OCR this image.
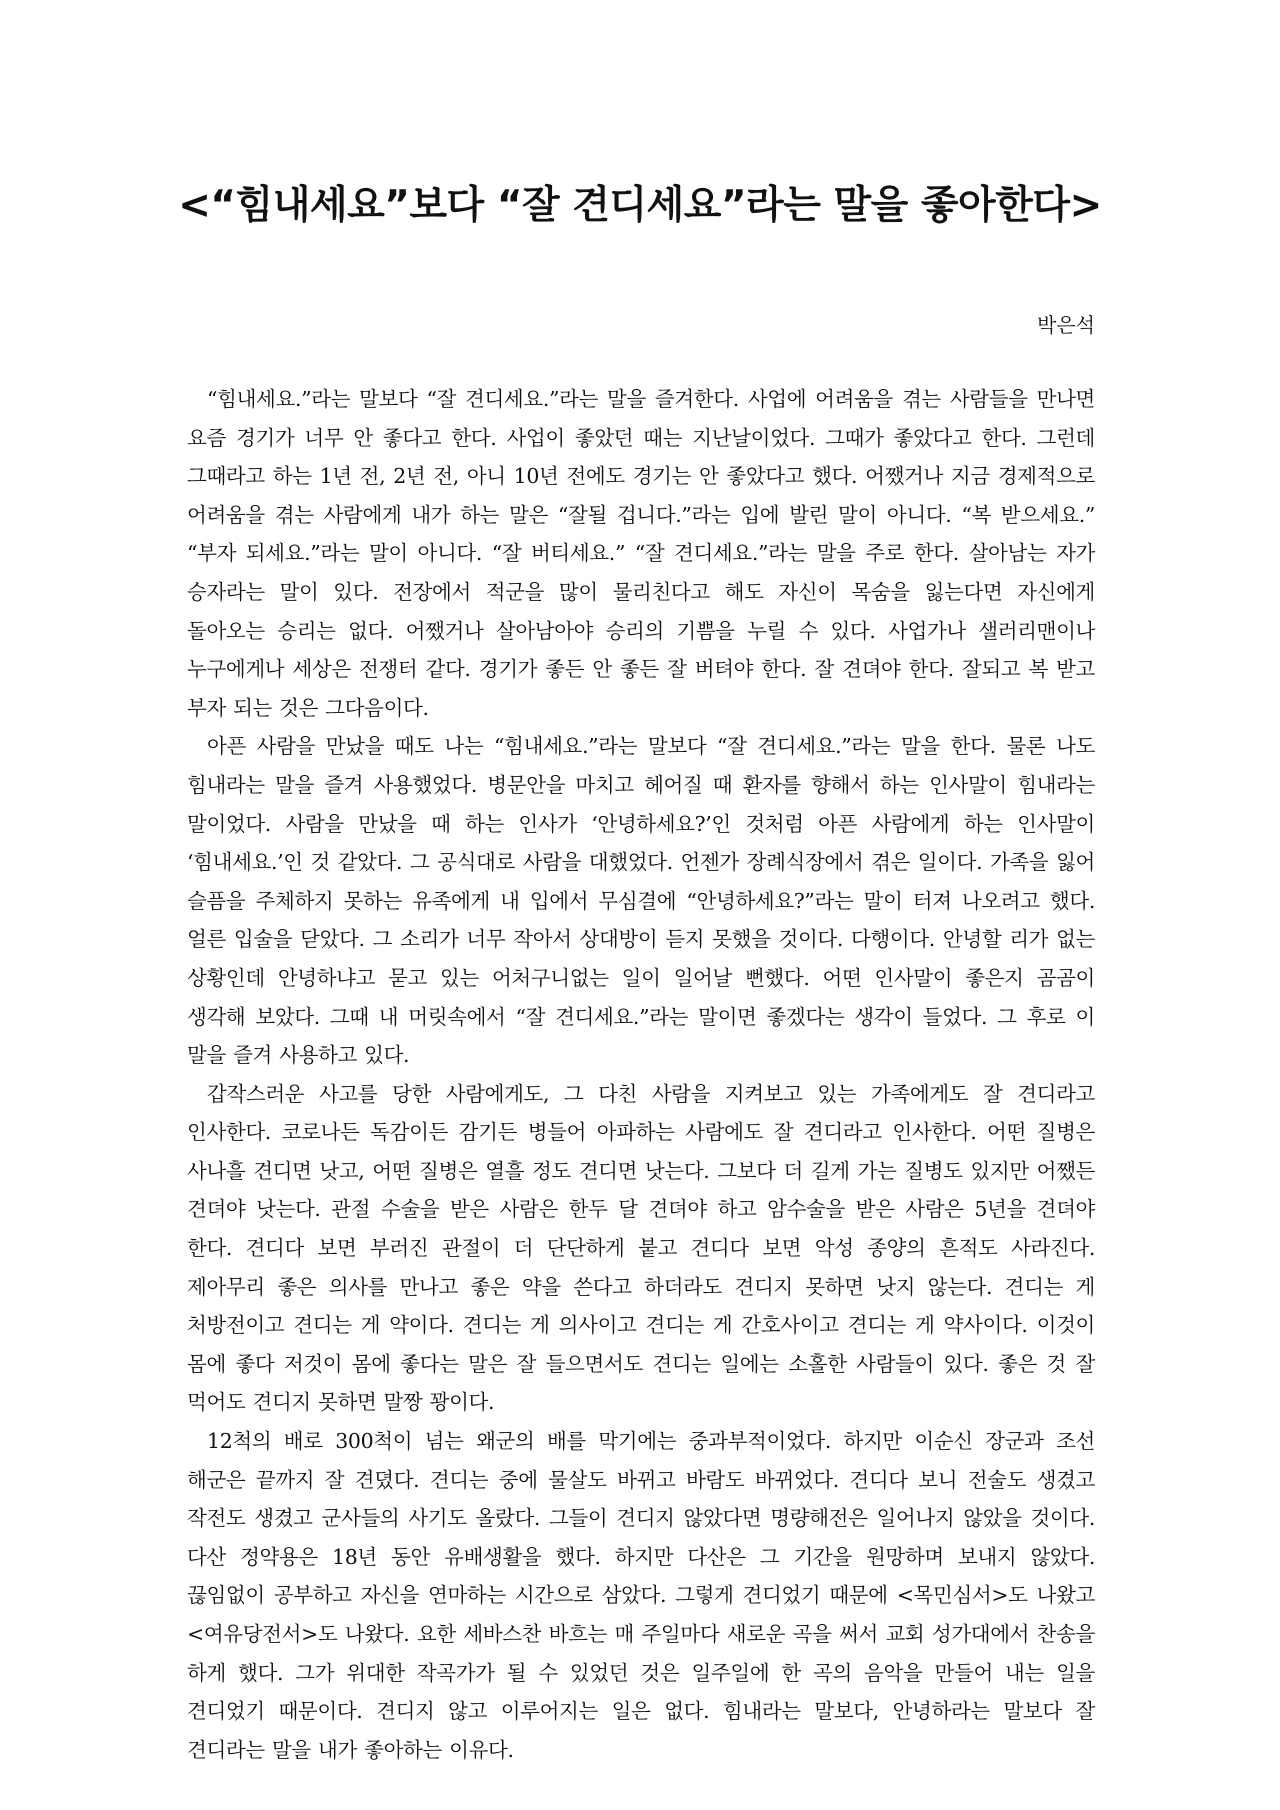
<“힘내세요”보다 “잘 견디세요”라는 말을 좋아한다>

박은석

“힘내세요.”라는 말보다 “잘 견디세요.”라는 말을 즐겨한다. 사업에 어려움을 겪는 사람들을 만나면 요즘 경기가 너무 안 좋다고 한다. 사업이 좋았던 때는 지난날이었다. 그때가 좋았다고 한다. 그런데 그때라고 하는 1년 전, 2년 전, 아니 10년 전에도 경기는 안 좋았다고 했다. 어쨌거나 지금 경제적으로 어려움을 겪는 사람에게 내가 하는 말은 “잘될 겁니다.”라는 입에 발린 말이 아니다. “복 받으세요.” “부자 되세요.”라는 말이 아니다. “잘 버티세요.” “잘 견디세요.”라는 말을 주로 한다. 살아남는 자가 승자라는 말이 있다. 전장에서 적군을 많이 물리친다고 해도 자신이 목숨을 잃는다면 자신에게 돌아오는 승리는 없다. 어쨌거나 살아남아야 승리의 기쁨을 누릴 수 있다. 사업가나 샐러리맨이나 누구에게나 세상은 전쟁터 같다. 경기가 좋든 안 좋든 잘 버텨야 한다. 잘 견뎌야 한다. 잘되고 복 받고 부자 되는 것은 그다음이다.

아픈 사람을 만났을 때도 나는 “힘내세요.”라는 말보다 “잘 견디세요.”라는 말을 한다. 물론 나도 힘내라는 말을 즐겨 사용했었다. 병문안을 마치고 헤어질 때 환자를 향해서 하는 인사말이 힘내라는 말이었다. 사람을 만났을 때 하는 인사가 ‘안녕하세요?’인 것처럼 아픈 사람에게 하는 인사말이 ‘힘내세요.’인 것 같았다. 그 공식대로 사람을 대했었다. 언젠가 장례식장에서 겪은 일이다. 가족을 잃어 슬픔을 주체하지 못하는 유족에게 내 입에서 무심결에 “안녕하세요?”라는 말이 터져 나오려고 했다. 얼른 입술을 닫았다. 그 소리가 너무 작아서 상대방이 듣지 못했을 것이다. 다행이다. 안녕할 리가 없는 상황인데 안녕하냐고 묻고 있는 어처구니없는 일이 일어날 뻔했다. 어떤 인사말이 좋은지 곰곰이 생각해 보았다. 그때 내 머릿속에서 “잘 견디세요.”라는 말이면 좋겠다는 생각이 들었다. 그 후로 이 말을 즐겨 사용하고 있다.

갑작스러운 사고를 당한 사람에게도, 그 다친 사람을 지켜보고 있는 가족에게도 잘 견디라고 인사한다. 코로나든 독감이든 감기든 병들어 아파하는 사람에도 잘 견디라고 인사한다. 어떤 질병은 사나흘 견디면 낫고, 어떤 질병은 열흘 정도 견디면 낫는다. 그보다 더 길게 가는 질병도 있지만 어쨌든 견뎌야 낫는다. 관절 수술을 받은 사람은 한두 달 견뎌야 하고 암수술을 받은 사람은 5년을 견뎌야 한다. 견디다 보면 부러진 관절이 더 단단하게 붙고 견디다 보면 악성 종양의 흔적도 사라진다. 제아무리 좋은 의사를 만나고 좋은 약을 쓴다고 하더라도 견디지 못하면 낫지 않는다. 견디는 게 처방전이고 견디는 게 약이다. 견디는 게 의사이고 견디는 게 간호사이고 견디는 게 약사이다. 이것이 몸에 좋다 저것이 몸에 좋다는 말은 잘 들으면서도 견디는 일에는 소홀한 사람들이 있다. 좋은 것 잘 먹어도 견디지 못하면 말짱 꽝이다.

12척의 배로 300척이 넘는 왜군의 배를 막기에는 중과부적이었다. 하지만 이순신 장군과 조선 해군은 끝까지 잘 견뎠다. 견디는 중에 물살도 바뀌고 바람도 바뀌었다. 견디다 보니 전술도 생겼고 작전도 생겼고 군사들의 사기도 올랐다. 그들이 견디지 않았다면 명량해전은 일어나지 않았을 것이다. 다산 정약용은 18년 동안 유배생활을 했다. 하지만 다산은 그 기간을 원망하며 보내지 않았다. 끊임없이 공부하고 자신을 연마하는 시간으로 삼았다. 그렇게 견디었기 때문에 <목민심서>도 나왔고 <여유당전서>도 나왔다. 요한 세바스찬 바흐는 매 주일마다 새로운 곡을 써서 교회 성가대에서 찬송을 하게 했다. 그가 위대한 작곡가가 될 수 있었던 것은 일주일에 한 곡의 음악을 만들어 내는 일을 견디었기 때문이다. 견디지 않고 이루어지는 일은 없다. 힘내라는 말보다, 안녕하라는 말보다 잘 견디라는 말을 내가 좋아하는 이유다.
